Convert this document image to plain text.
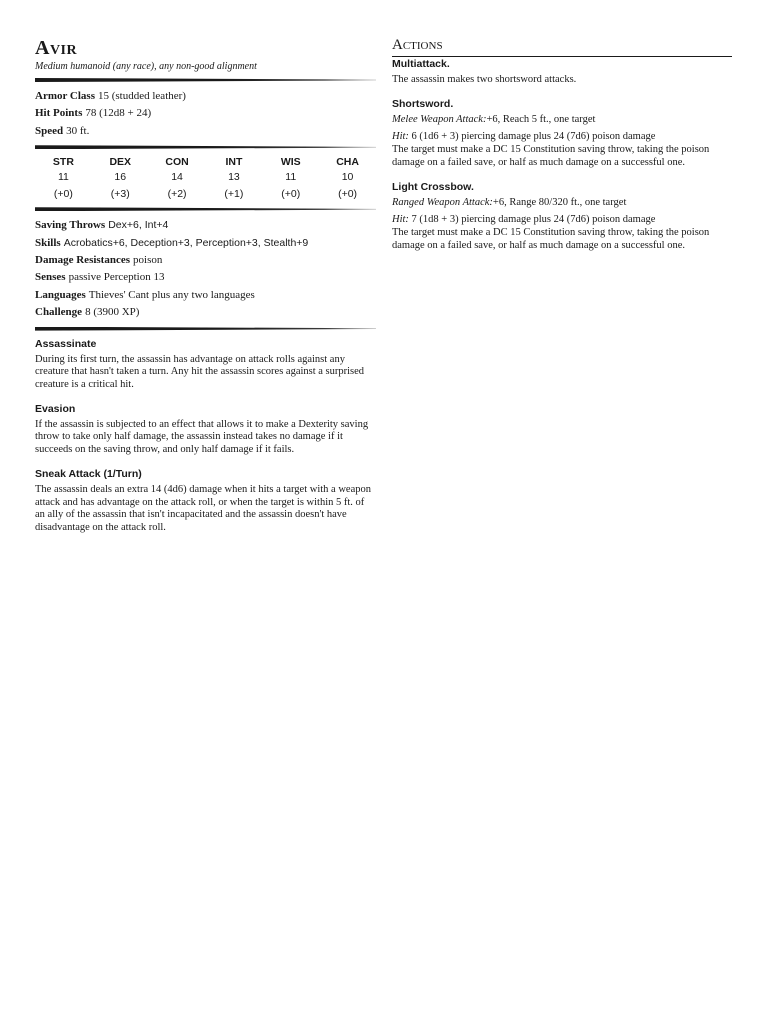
Avir

Medium humanoid (any race), any non-good alignment

Armor Class 15 (studded leather)

Hit Points 78 (12d8 + 24)

Speed 30 ft.

STR
11
(+0)
DEX
16
(+3)
CON
14
(+2)
INT
13
(+1)
WIS
11
(+0)
CHA
10
(+0)

Saving Throws Dex+6, Int+4

Skills Acrobatics+6, Deception+3, Perception+3, Stealth+9

Damage Resistances poison

Senses passive Perception 13

Languages Thieves' Cant plus any two languages

Challenge 8 (3900 XP)

Assassinate

During its first turn, the assassin has advantage on attack rolls against any creature that hasn't taken a turn. Any hit the assassin scores against a surprised creature is a critical hit.

Evasion

If the assassin is subjected to an effect that allows it to make a Dexterity saving throw to take only half damage, the assassin instead takes no damage if it succeeds on the saving throw, and only half damage if it fails.

Sneak Attack (1/Turn)

The assassin deals an extra 14 (4d6) damage when it hits a target with a weapon attack and has advantage on the attack roll, or when the target is within 5 ft. of an ally of the assassin that isn't incapacitated and the assassin doesn't have disadvantage on the attack roll.

Actions

Multiattack.

The assassin makes two shortsword attacks.

Shortsword.

Melee Weapon Attack:+6, Reach 5 ft., one target

Hit: 6 (1d6 + 3) piercing damage plus 24 (7d6) poison damage

The target must make a DC 15 Constitution saving throw, taking the poison damage on a failed save, or half as much damage on a successful one.

Light Crossbow.

Ranged Weapon Attack:+6, Range 80/320 ft., one target

Hit: 7 (1d8 + 3) piercing damage plus 24 (7d6) poison damage

The target must make a DC 15 Constitution saving throw, taking the poison damage on a failed save, or half as much damage on a successful one.
